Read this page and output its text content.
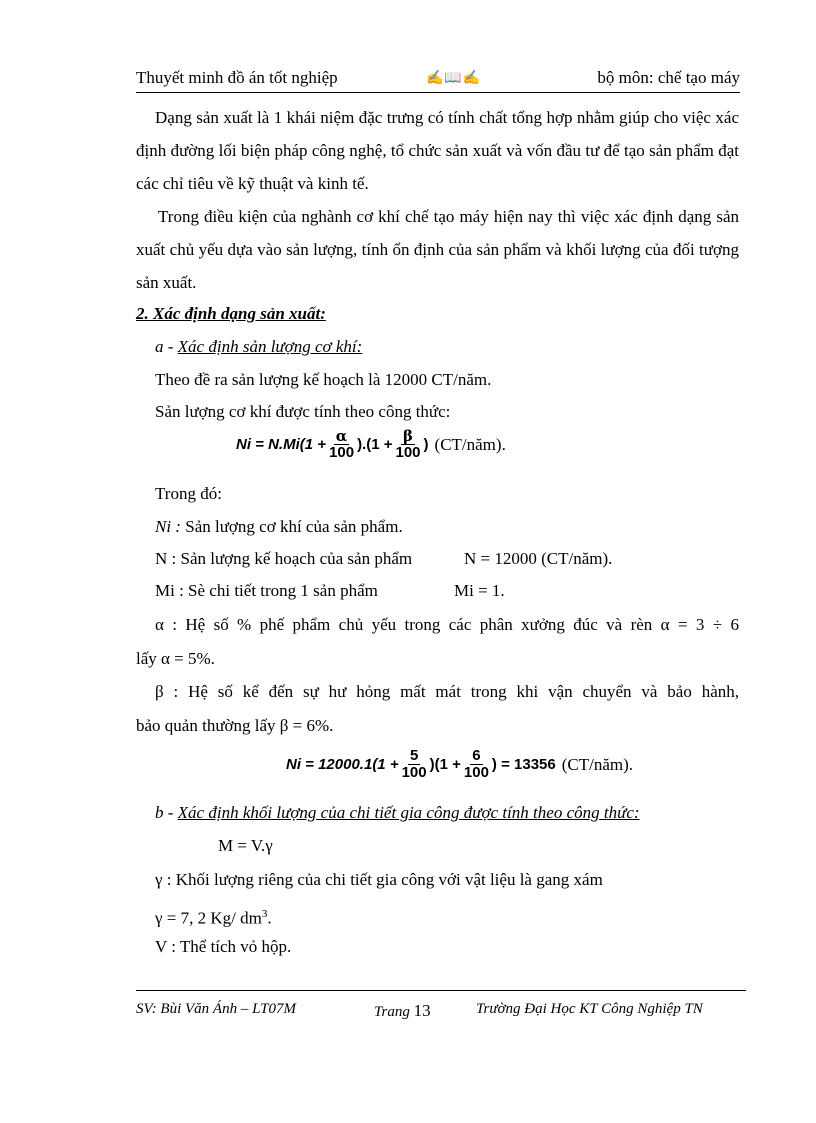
Thuyết minh đồ án tốt nghiệp	✍📖✍	bộ môn: chế tạo máy

Dạng sản xuất là 1 khái niệm đặc trưng có tính chất tổng hợp nhằm giúp cho việc xác định đường lối biện pháp công nghệ, tổ chức sản xuất và vốn đầu tư để tạo sản phẩm đạt các chỉ tiêu về kỹ thuật và kinh tế.

Trong điều kiện của nghành cơ khí chế tạo máy hiện nay thì việc xác định dạng sản xuất chủ yếu dựa vào sản lượng, tính ổn định của sản phẩm và khối lượng của đối tượng sản xuất.

2. Xác định dạng sản xuất:
a - Xác định sản lượng cơ khí:
Theo đề ra sản lượng kế hoạch là 12000 CT/năm.
Sản lượng cơ khí được tính theo công thức:
$Ni = N.Mi(1 + \frac{\alpha}{100} ).(1 + \frac{\beta}{100}$ ) (CT/năm).
Trong đó:
Ni : Sản lượng cơ khí của sản phẩm.
N : Sản lượng kế hoạch của sản phẩm	N = 12000 (CT/năm).
Mi : Sè chi tiết trong 1 sản phẩm	Mi = 1.
α : Hệ số % phế phẩm chủ yếu trong các phân xưởng đúc và rèn α = 3 ÷ 6
lấy α = 5%.
β : Hệ số kể đến sự hư hỏng mất mát trong khi vận chuyển và bảo hành,
bảo quản thường lấy β = 6%.
$Ni = 12000.1(1 + \frac{5}{100} )(1 + \frac{6}{100}$ ) = 13356 (CT/năm).
b - Xác định khối lượng của chi tiết gia công được tính theo công thức:
M = V.γ
γ : Khối lượng riêng của chi tiết gia công với vật liệu là gang xám
γ = 7, 2 Kg/ $dm^3$.
V : Thể tích vỏ hộp.
SV: Bùi Văn Ánh – LT07M	Trang 13	Trường Đại Học KT Công Nghiệp TN
